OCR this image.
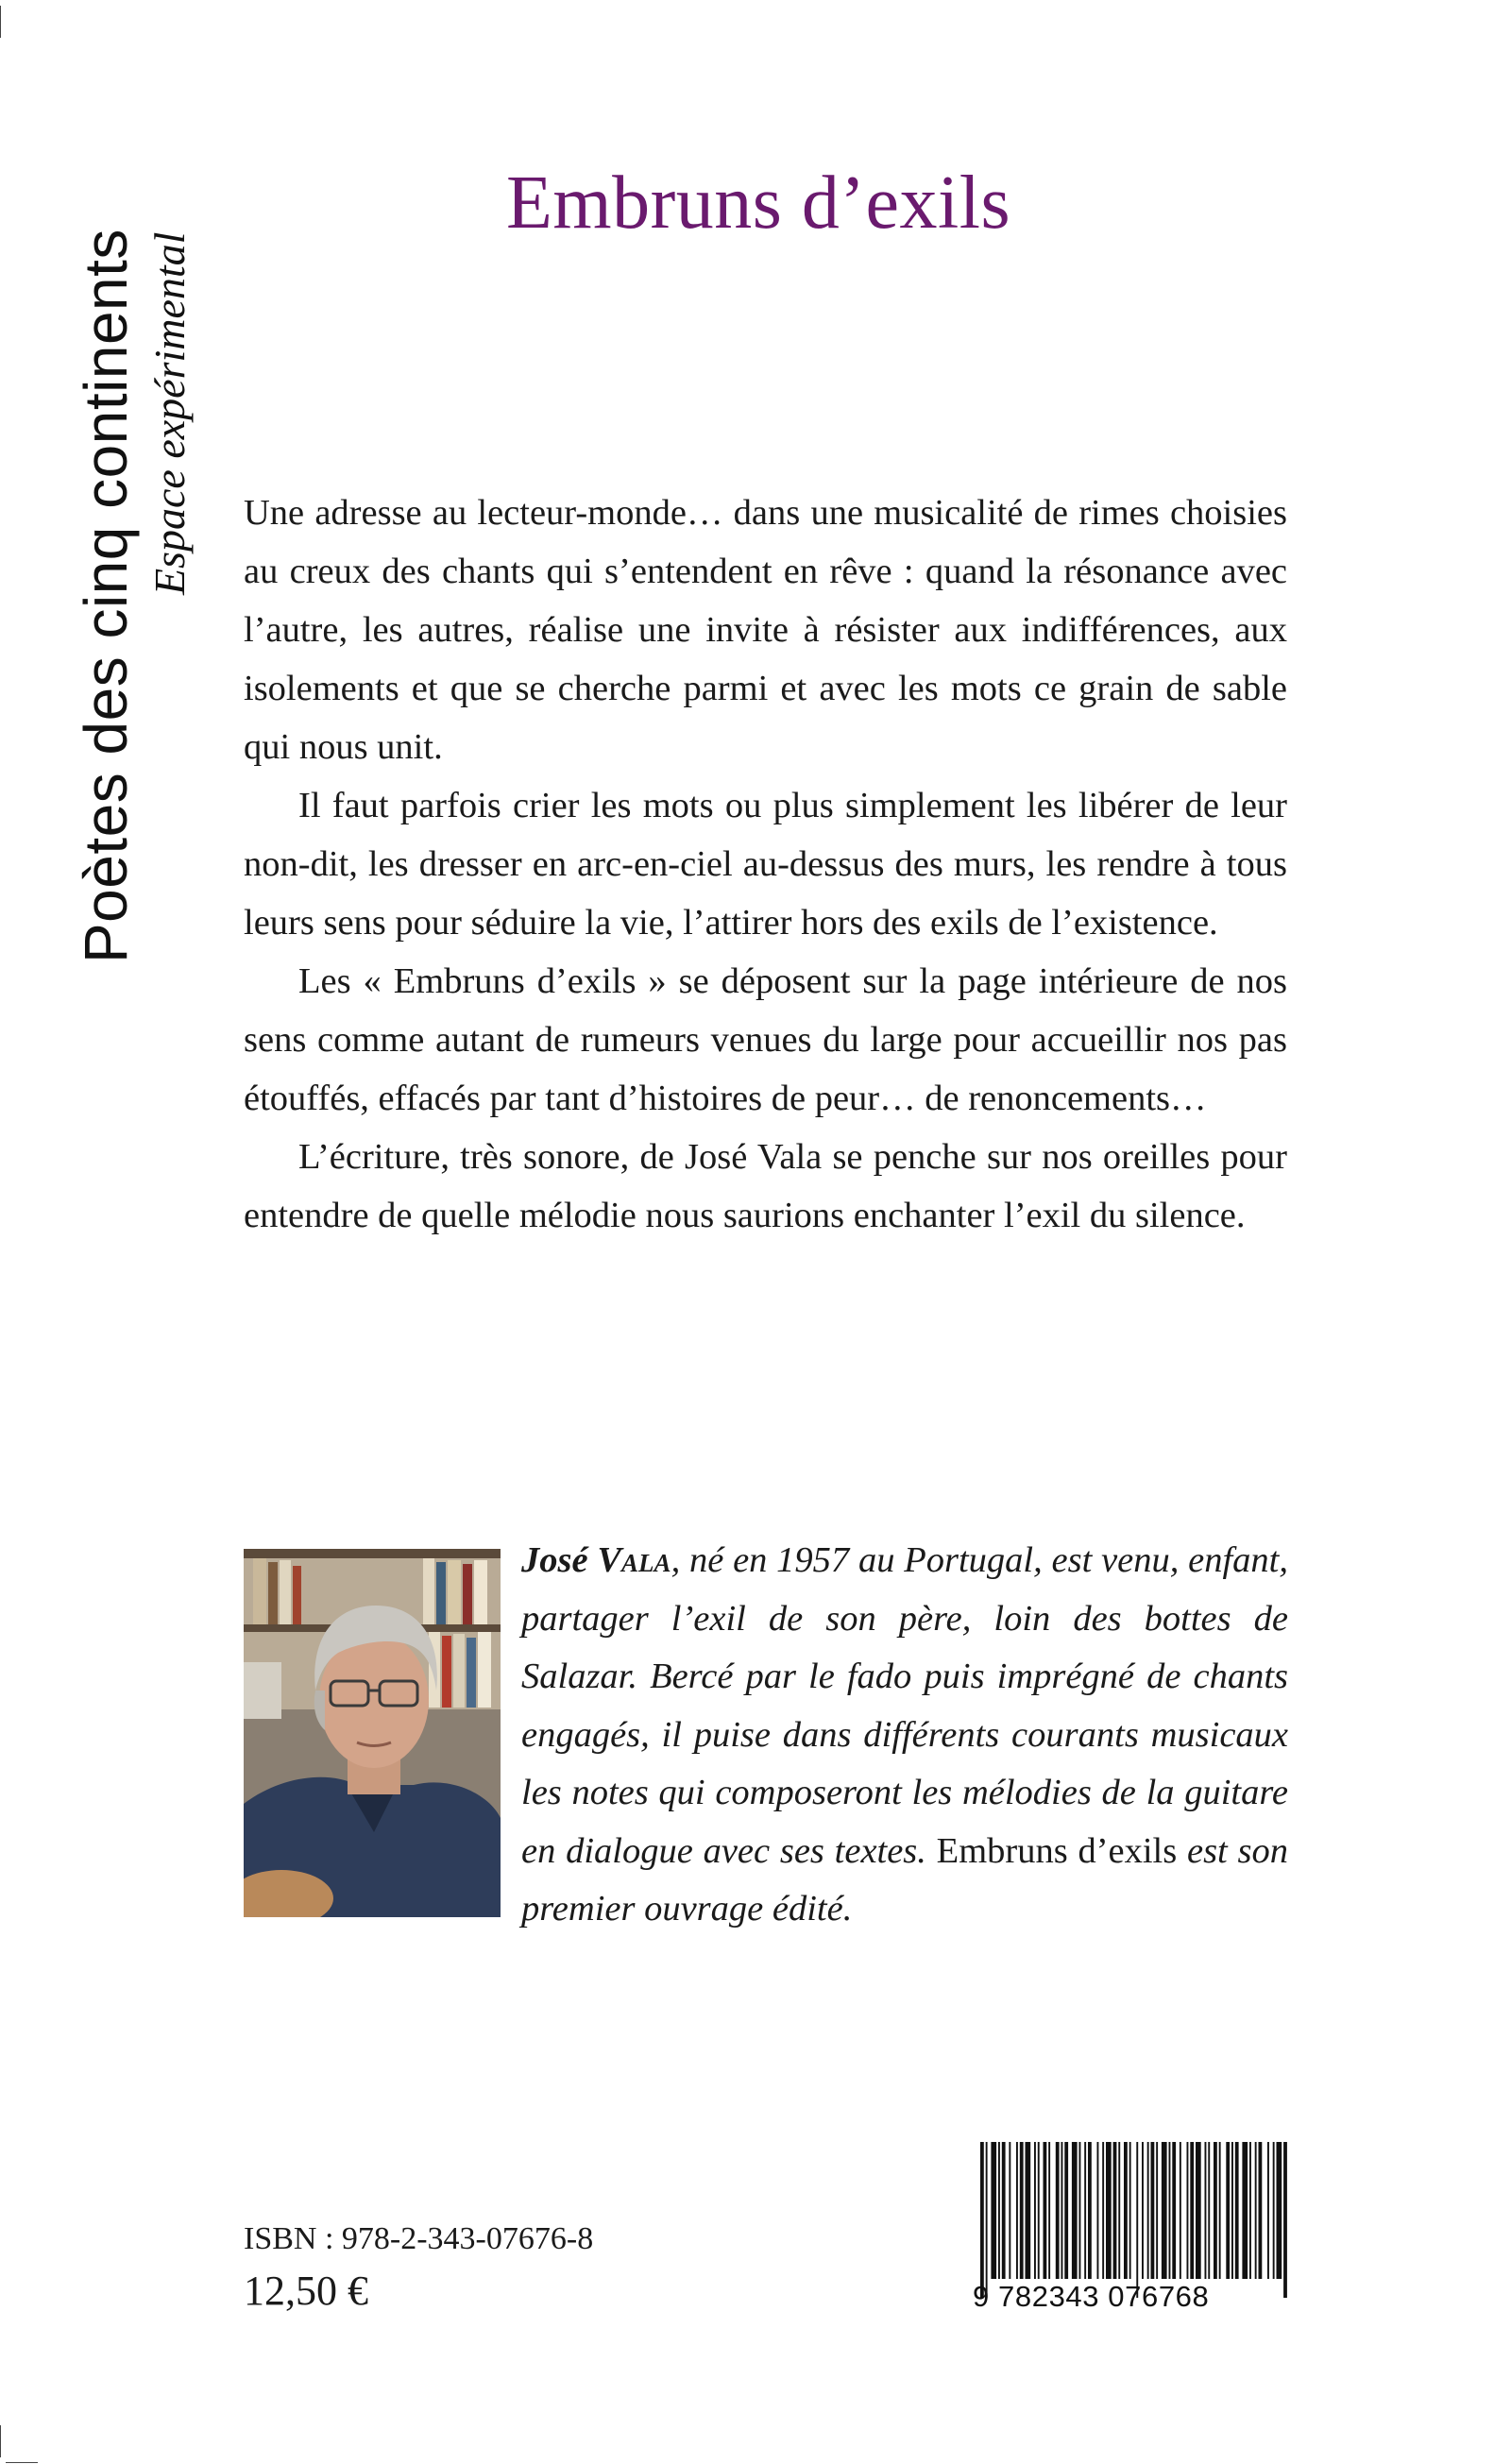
Poètes des cinq continents Espace expérimental
Embruns d’exils

Une adresse au lecteur-monde… dans une musicalité de rimes choisies au creux des chants qui s’entendent en rêve : quand la résonance avec l’autre, les autres, réalise une invite à résister aux indifférences, aux isolements et que se cherche parmi et avec les mots ce grain de sable qui nous unit.

Il faut parfois crier les mots ou plus simplement les libérer de leur non-dit, les dresser en arc-en-ciel au-dessus des murs, les rendre à tous leurs sens pour séduire la vie, l’attirer hors des exils de l’existence.

Les « Embruns d’exils » se déposent sur la page intérieure de nos sens comme autant de rumeurs venues du large pour accueillir nos pas étouffés, effacés par tant d’histoires de peur… de renoncements…

L’écriture, très sonore, de José Vala se penche sur nos oreilles pour entendre de quelle mélodie nous saurions enchanter l’exil du silence.

José Vala, né en 1957 au Portugal, est venu, enfant, partager l’exil de son père, loin des bottes de Salazar. Bercé par le fado puis imprégné de chants engagés, il puise dans différents courants musicaux les notes qui composeront les mélodies de la guitare en dialogue avec ses textes. Embruns d’exils est son premier ouvrage édité.
ISBN : 978-2-343-07676-8
12,50 €	9 782343 076768
